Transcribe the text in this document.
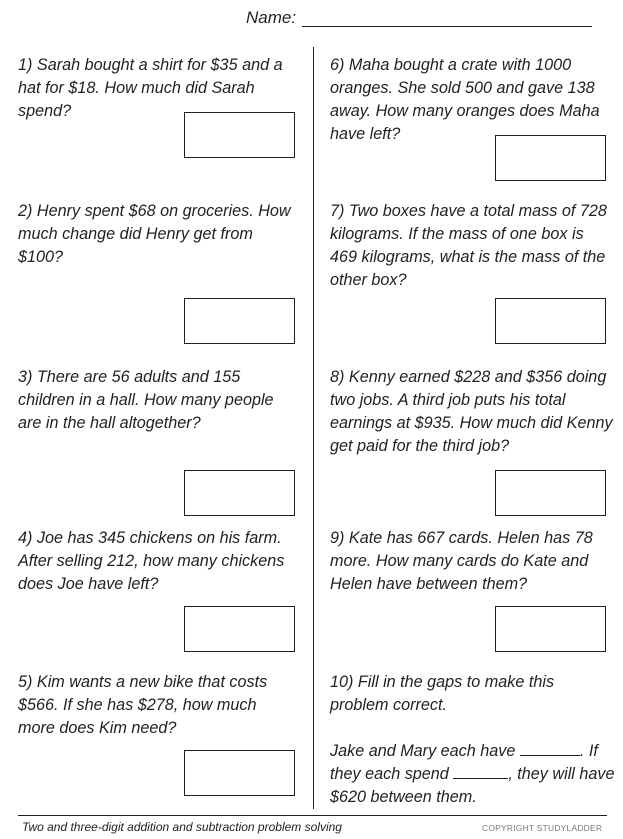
Name:
1) Sarah bought a shirt for $35 and a hat for $18. How much did Sarah spend?
2) Henry spent $68 on groceries. How much change did Henry get from $100?
3) There are 56 adults and 155 children in a hall. How many people are in the hall altogether?
4) Joe has 345 chickens on his farm. After selling 212, how many chickens does Joe have left?
5) Kim wants a new bike that costs $566. If she has $278, how much more does Kim need?
6) Maha bought a crate with 1000 oranges. She sold 500 and gave 138 away. How many oranges does Maha have left?
7) Two boxes have a total mass of 728 kilograms. If the mass of one box is 469 kilograms, what is the mass of the other box?
8) Kenny earned $228 and $356 doing two jobs. A third job puts his total earnings at $935. How much did Kenny get paid for the third job?
9) Kate has 667 cards. Helen has 78 more. How many cards do Kate and Helen have between them?
10) Fill in the gaps to make this problem correct.
Jake and Mary each have	. If they each spend	, they will have $620 between them.
Two and three-digit addition and subtraction problem solving	COPYRIGHT STUDYLADDER
